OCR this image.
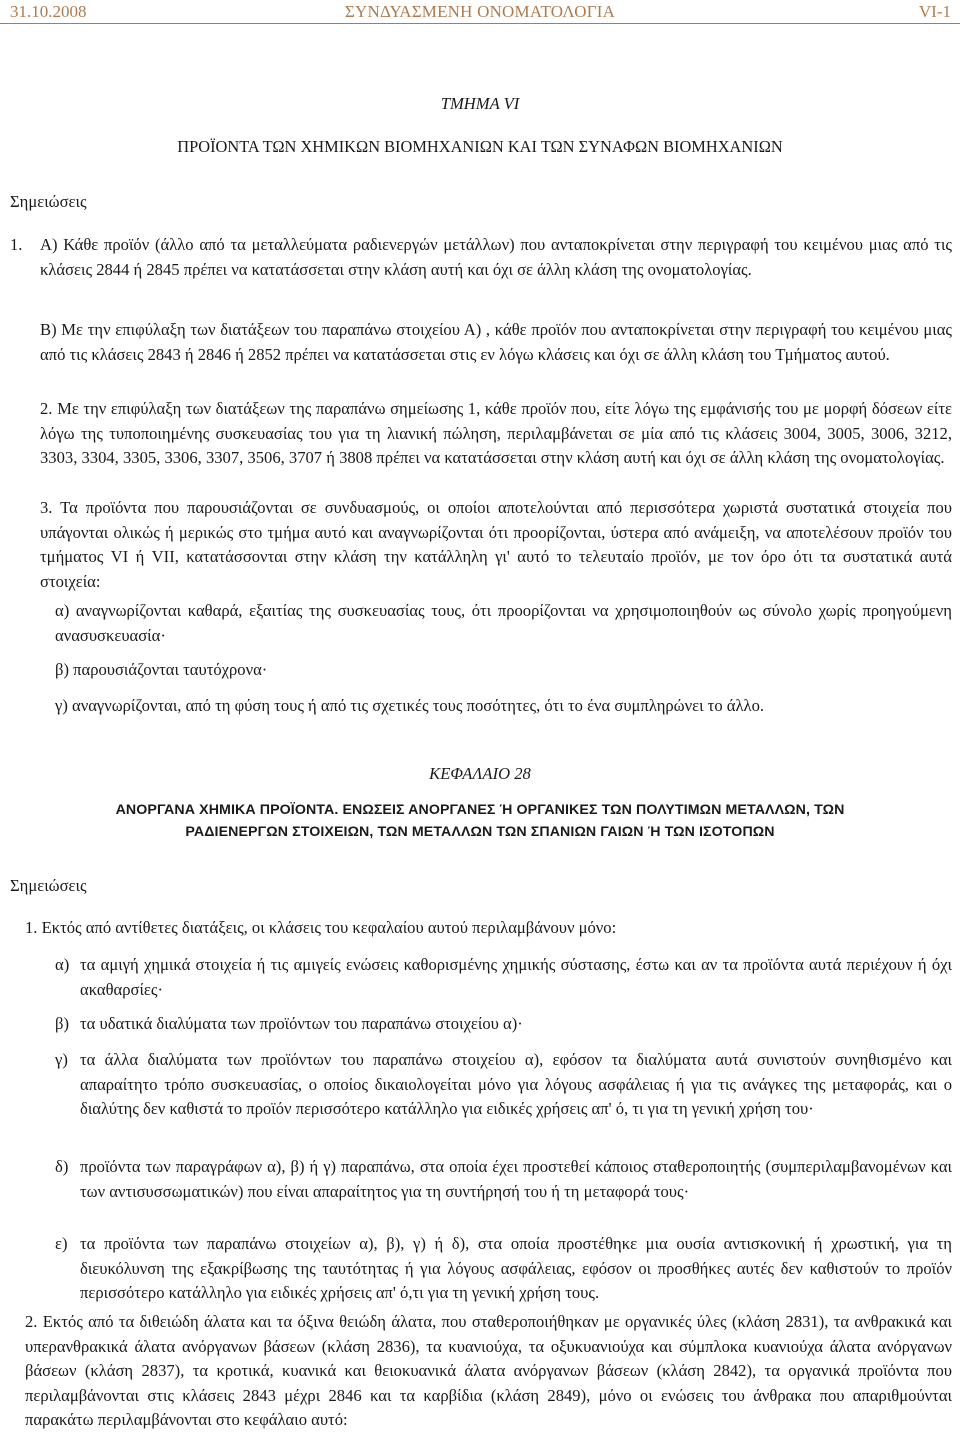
31.10.2008	ΣΥΝΔΥΑΣΜΕΝΗ ΟΝΟΜΑΤΟΛΟΓΙΑ	VI-1
ΤΜΗΜΑ VI
ΠΡΟΪΟΝΤΑ ΤΩΝ ΧΗΜΙΚΩΝ ΒΙΟΜΗΧΑΝΙΩΝ ΚΑΙ ΤΩΝ ΣΥΝΑΦΩΝ ΒΙΟΜΗΧΑΝΙΩΝ
Σημειώσεις
1. Α) Κάθε προϊόν (άλλο από τα μεταλλεύματα ραδιενεργών μετάλλων) που ανταποκρίνεται στην περιγραφή του κειμένου μιας από τις κλάσεις 2844 ή 2845 πρέπει να κατατάσσεται στην κλάση αυτή και όχι σε άλλη κλάση της ονοματολογίας.
Β) Με την επιφύλαξη των διατάξεων του παραπάνω στοιχείου Α) , κάθε προϊόν που ανταποκρίνεται στην περιγραφή του κειμένου μιας από τις κλάσεις 2843 ή 2846 ή 2852 πρέπει να κατατάσσεται στις εν λόγω κλάσεις και όχι σε άλλη κλάση του Τμήματος αυτού.

2. Με την επιφύλαξη των διατάξεων της παραπάνω σημείωσης 1, κάθε προϊόν που, είτε λόγω της εμφάνισής του με μορφή δόσεων είτε λόγω της τυποποιημένης συσκευασίας του για τη λιανική πώληση, περιλαμβάνεται σε μία από τις κλάσεις 3004, 3005, 3006, 3212, 3303, 3304, 3305, 3306, 3307, 3506, 3707 ή 3808 πρέπει να κατατάσσεται στην κλάση αυτή και όχι σε άλλη κλάση της ονοματολογίας.

3. Τα προϊόντα που παρουσιάζονται σε συνδυασμούς, οι οποίοι αποτελούνται από περισσότερα χωριστά συστατικά στοιχεία που υπάγονται ολικώς ή μερικώς στο τμήμα αυτό και αναγνωρίζονται ότι προορίζονται, ύστερα από ανάμειξη, να αποτελέσουν προϊόν του τμήματος VI ή VII, κατατάσσονται στην κλάση την κατάλληλη γι' αυτό το τελευταίο προϊόν, με τον όρο ότι τα συστατικά αυτά στοιχεία:
α) αναγνωρίζονται καθαρά, εξαιτίας της συσκευασίας τους, ότι προορίζονται να χρησιμοποιηθούν ως σύνολο χωρίς προηγούμενη ανασυσκευασία·
β) παρουσιάζονται ταυτόχρονα·
γ) αναγνωρίζονται, από τη φύση τους ή από τις σχετικές τους ποσότητες, ότι το ένα συμπληρώνει το άλλο.
ΚΕΦΑΛΑΙΟ 28
ΑΝΟΡΓΑΝΑ ΧΗΜΙΚΑ ΠΡΟΪΟΝΤΑ. ΕΝΩΣΕΙΣ ΑΝΟΡΓΑΝΕΣ Ή ΟΡΓΑΝΙΚΕΣ ΤΩΝ ΠΟΛΥΤΙΜΩΝ ΜΕΤΑΛΛΩΝ, ΤΩΝ
ΡΑΔΙΕΝΕΡΓΩΝ ΣΤΟΙΧΕΙΩΝ, ΤΩΝ ΜΕΤΑΛΛΩΝ ΤΩΝ ΣΠΑΝΙΩΝ ΓΑΙΩΝ Ή ΤΩΝ ΙΣΟΤΟΠΩΝ
Σημειώσεις
1. Εκτός από αντίθετες διατάξεις, οι κλάσεις του κεφαλαίου αυτού περιλαμβάνουν μόνο:
α) τα αμιγή χημικά στοιχεία ή τις αμιγείς ενώσεις καθορισμένης χημικής σύστασης, έστω και αν τα προϊόντα αυτά περιέχουν ή όχι ακαθαρσίες·
β) τα υδατικά διαλύματα των προϊόντων του παραπάνω στοιχείου α)·
γ) τα άλλα διαλύματα των προϊόντων του παραπάνω στοιχείου α), εφόσον τα διαλύματα αυτά συνιστούν συνηθισμένο και απαραίτητο τρόπο συσκευασίας, ο οποίος δικαιολογείται μόνο για λόγους ασφάλειας ή για τις ανάγκες της μεταφοράς, και ο διαλύτης δεν καθιστά το προϊόν περισσότερο κατάλληλο για ειδικές χρήσεις απ' ό, τι για τη γενική χρήση του·
δ) προϊόντα των παραγράφων α), β) ή γ) παραπάνω, στα οποία έχει προστεθεί κάποιος σταθεροποιητής (συμπεριλαμβανομένων και των αντισυσσωματικών) που είναι απαραίτητος για τη συντήρησή του ή τη μεταφορά τους·
ε) τα προϊόντα των παραπάνω στοιχείων α), β), γ) ή δ), στα οποία προστέθηκε μια ουσία αντισκονική ή χρωστική, για τη διευκόλυνση της εξακρίβωσης της ταυτότητας ή για λόγους ασφάλειας, εφόσον οι προσθήκες αυτές δεν καθιστούν το προϊόν περισσότερο κατάλληλο για ειδικές χρήσεις απ' ό,τι για τη γενική χρήση τους.
2. Εκτός από τα διθειώδη άλατα και τα όξινα θειώδη άλατα, που σταθεροποιήθηκαν με οργανικές ύλες (κλάση 2831), τα ανθρακικά και υπερανθρακικά άλατα ανόργανων βάσεων (κλάση 2836), τα κυανιούχα, τα οξυκυανιούχα και σύμπλοκα κυανιούχα άλατα ανόργανων βάσεων (κλάση 2837), τα κροτικά, κυανικά και θειοκυανικά άλατα ανόργανων βάσεων (κλάση 2842), τα οργανικά προϊόντα που περιλαμβάνονται στις κλάσεις 2843 μέχρι 2846 και τα καρβίδια (κλάση 2849), μόνο οι ενώσεις του άνθρακα που απαριθμούνται παρακάτω περιλαμβάνονται στο κεφάλαιο αυτό:
